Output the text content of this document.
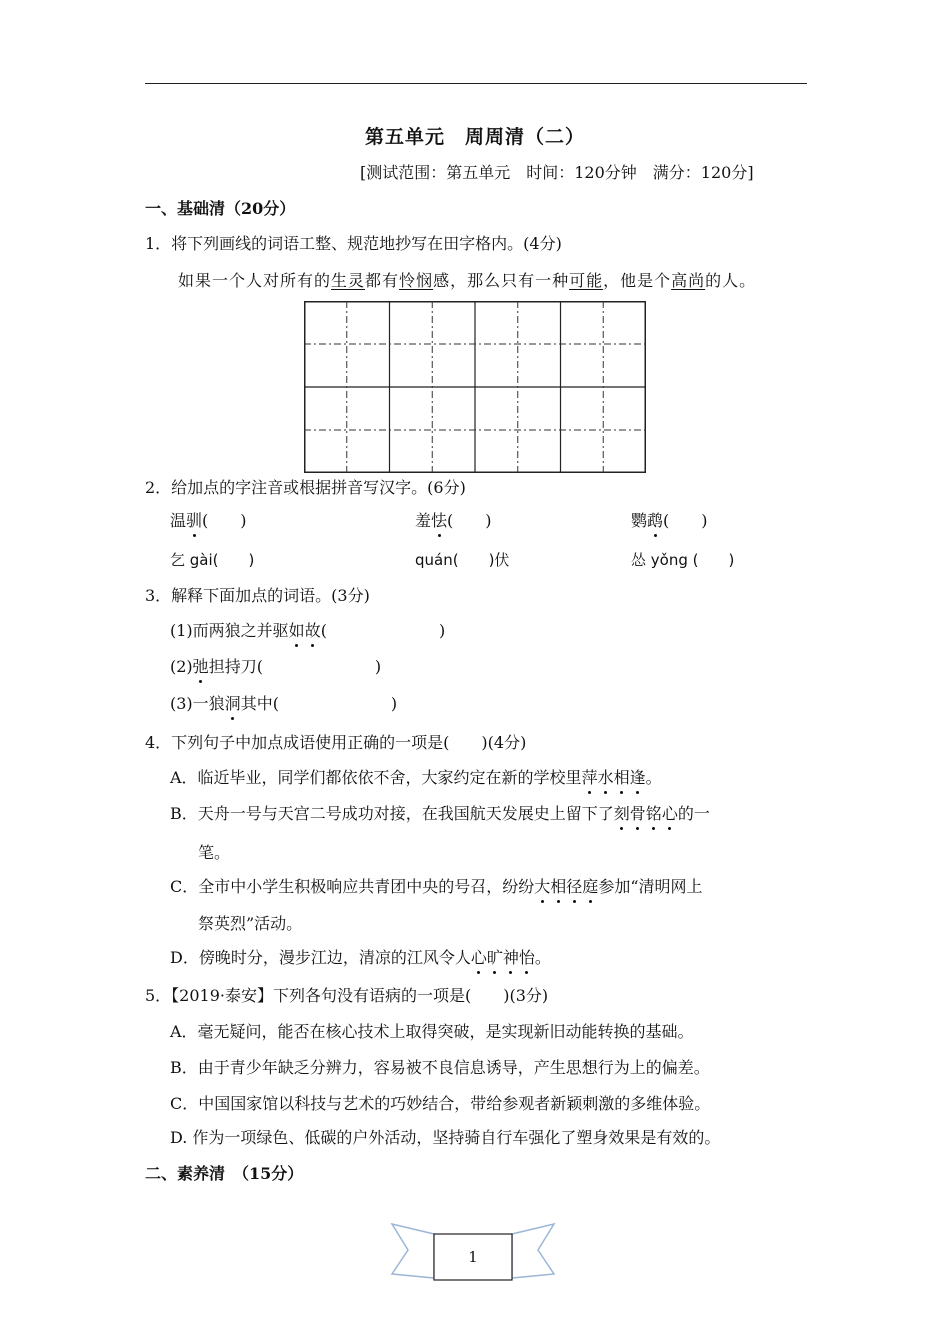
第五单元　周周清（二）
[测试范围：第五单元　时间：120分钟　满分：120分]
一、基础清（20分）
1．将下列画线的词语工整、规范地抄写在田字格内。(4分)
如果一个人对所有的生灵都有怜悯感，那么只有一种可能，他是个高尚的人。
2．给加点的字注音或根据拼音写汉字。(6分)
温驯(　　)	羞怯(　　)	鹦鹉(　　)
乞 gài(　　)	quán(　　)伏	怂 yǒng (　　)
3．解释下面加点的词语。(3分)
(1)而两狼之并驱如故(　　　　　　　)
(2)弛担持刀(　　　　　　　)
(3)一狼洞其中(　　　　　　　)
4．下列句子中加点成语使用正确的一项是(　　)(4分)
A．临近毕业，同学们都依依不舍，大家约定在新的学校里萍水相逢。
B．天舟一号与天宫二号成功对接，在我国航天发展史上留下了刻骨铭心的一
笔。
C．全市中小学生积极响应共青团中央的号召，纷纷大相径庭参加“清明网上
祭英烈”活动。
D．傍晚时分，漫步江边，清凉的江风令人心旷神怡。
5．【2019·泰安】下列各句没有语病的一项是(　　)(3分)
A．毫无疑问，能否在核心技术上取得突破，是实现新旧动能转换的基础。
B．由于青少年缺乏分辨力，容易被不良信息诱导，产生思想行为上的偏差。
C．中国国家馆以科技与艺术的巧妙结合，带给参观者新颖刺激的多维体验。
D. 作为一项绿色、低碳的户外活动，坚持骑自行车强化了塑身效果是有效的。
二、素养清　（15分）
1
